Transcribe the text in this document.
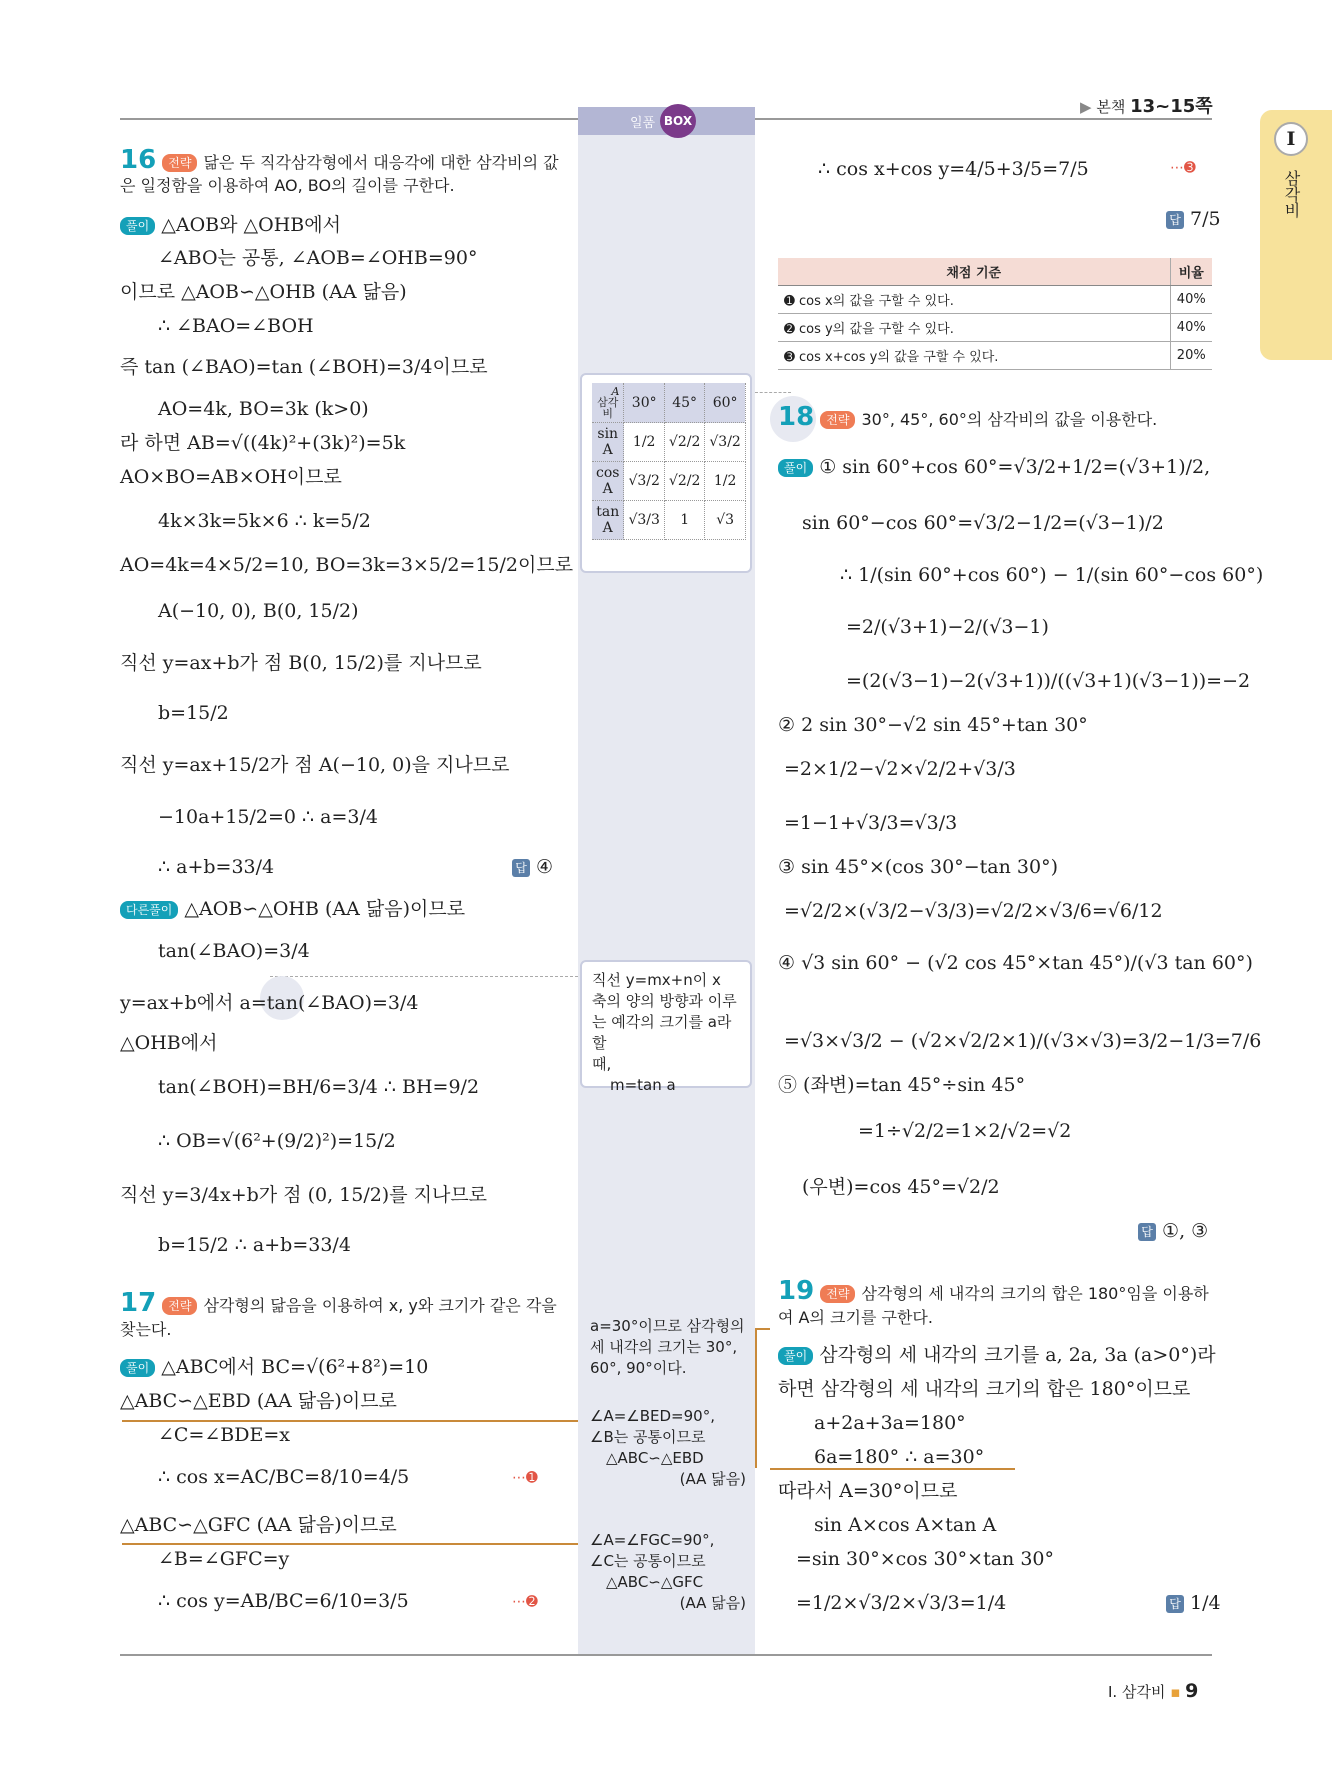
▶ 본책 13~15쪽
I
삼각비
일품 BOX
A
삼각비	30°	45°	60°
sin A	1/2	√2/2	√3/2
cos A	√3/2	√2/2	1/2
tan A	√3/3	1	√3
직선 y=mx+n이 x
축의 양의 방향과 이루
는 예각의 크기를 a라 할
때,
m=tan a
a=30°이므로 삼각형의
세 내각의 크기는 30°,
60°, 90°이다.
∠A=∠BED=90°,
∠B는 공통이므로
△ABC∽△EBD
(AA 닮음)
∠A=∠FGC=90°,
∠C는 공통이므로
△ABC∽△GFC
(AA 닮음)
16 전략 닮은 두 직각삼각형에서 대응각에 대한 삼각비의 값
은 일정함을 이용하여 AO, BO의 길이를 구한다.
풀이 △AOB와 △OHB에서
∠ABO는 공통, ∠AOB=∠OHB=90°
이므로 △AOB∽△OHB (AA 닮음)
∴ ∠BAO=∠BOH
즉 tan (∠BAO)=tan (∠BOH)=3/4이므로
AO=4k, BO=3k (k>0)
라 하면 AB=√((4k)²+(3k)²)=5k
AO×BO=AB×OH이므로
4k×3k=5k×6 ∴ k=5/2
AO=4k=4×5/2=10, BO=3k=3×5/2=15/2이므로
A(−10, 0), B(0, 15/2)
직선 y=ax+b가 점 B(0, 15/2)를 지나므로
b=15/2
직선 y=ax+15/2가 점 A(−10, 0)을 지나므로
−10a+15/2=0 ∴ a=3/4
∴ a+b=33/4	답 ④
다른풀이 △AOB∽△OHB (AA 닮음)이므로
tan(∠BAO)=3/4
y=ax+b에서 a=tan(∠BAO)=3/4
△OHB에서
tan(∠BOH)=BH/6=3/4 ∴ BH=9/2
∴ OB=√(6²+(9/2)²)=15/2
직선 y=3/4x+b가 점 (0, 15/2)를 지나므로
b=15/2 ∴ a+b=33/4
17 전략 삼각형의 닮음을 이용하여 x, y와 크기가 같은 각을
찾는다.
풀이 △ABC에서 BC=√(6²+8²)=10
△ABC∽△EBD (AA 닮음)이므로
∠C=∠BDE=x
∴ cos x=AC/BC=8/10=4/5	⋯➊
△ABC∽△GFC (AA 닮음)이므로
∠B=∠GFC=y
∴ cos y=AB/BC=6/10=3/5	⋯➋
∴ cos x+cos y=4/5+3/5=7/5	⋯➌
답 7/5
채점 기준	비율
➊ cos x의 값을 구할 수 있다.	40%
➋ cos y의 값을 구할 수 있다.	40%
➌ cos x+cos y의 값을 구할 수 있다.	20%
18 전략 30°, 45°, 60°의 삼각비의 값을 이용한다.
풀이 ① sin 60°+cos 60°=√3/2+1/2=(√3+1)/2,
sin 60°−cos 60°=√3/2−1/2=(√3−1)/2
∴ 1/(sin 60°+cos 60°) − 1/(sin 60°−cos 60°)
=2/(√3+1)−2/(√3−1)
=(2(√3−1)−2(√3+1))/((√3+1)(√3−1))=−2
② 2 sin 30°−√2 sin 45°+tan 30°
=2×1/2−√2×√2/2+√3/3
=1−1+√3/3=√3/3
③ sin 45°×(cos 30°−tan 30°)
=√2/2×(√3/2−√3/3)=√2/2×√3/6=√6/12
④ √3 sin 60° − (√2 cos 45°×tan 45°)/(√3 tan 60°)
=√3×√3/2 − (√2×√2/2×1)/(√3×√3)=3/2−1/3=7/6
⑤ (좌변)=tan 45°÷sin 45°
=1÷√2/2=1×2/√2=√2
(우변)=cos 45°=√2/2
답 ①, ③
19 전략 삼각형의 세 내각의 크기의 합은 180°임을 이용하
여 A의 크기를 구한다.
풀이 삼각형의 세 내각의 크기를 a, 2a, 3a (a>0°)라
하면 삼각형의 세 내각의 크기의 합은 180°이므로
a+2a+3a=180°
6a=180° ∴ a=30°
따라서 A=30°이므로
sin A×cos A×tan A
=sin 30°×cos 30°×tan 30°
=1/2×√3/2×√3/3=1/4	답 1/4
I. 삼각비 ▪ 9
